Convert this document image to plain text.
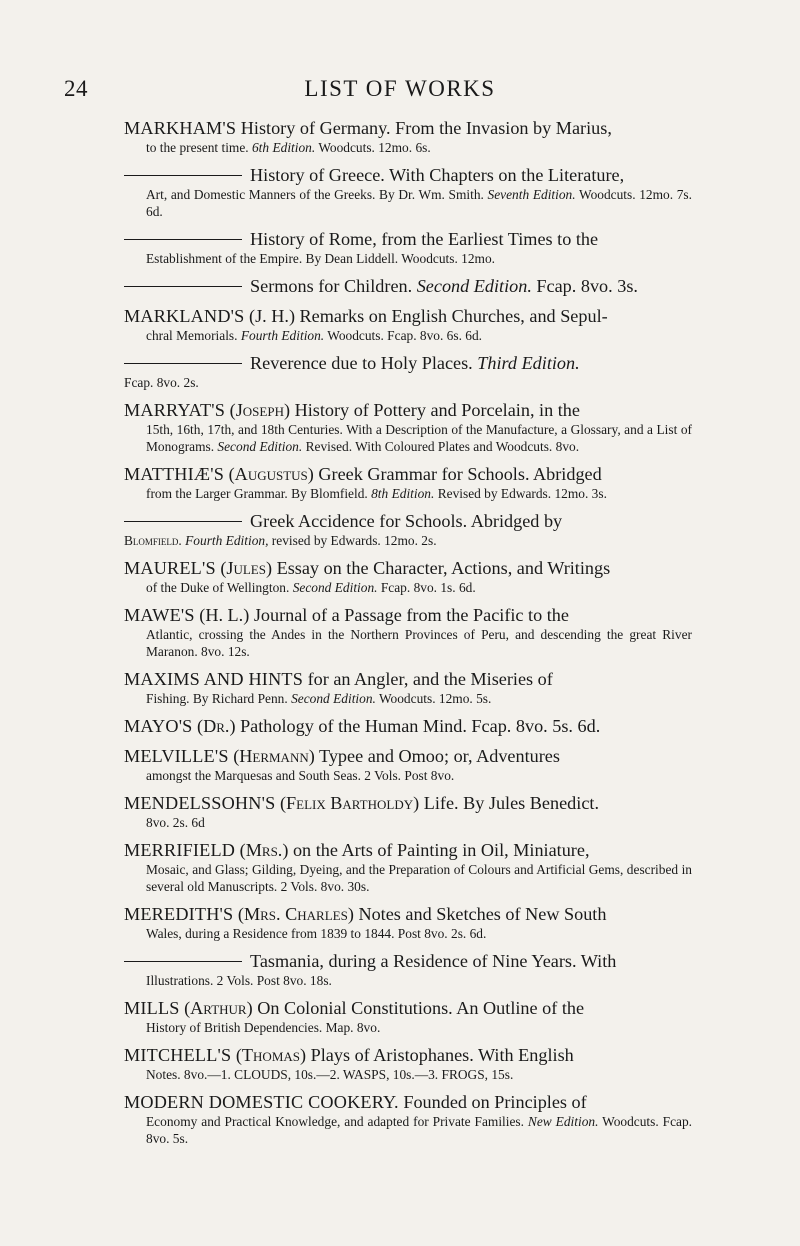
24	LIST OF WORKS
MARKHAM'S History of Germany. From the Invasion by Marius,
to the present time. 6th Edition. Woodcuts. 12mo. 6s.
History of Greece. With Chapters on the Literature,
Art, and Domestic Manners of the Greeks. By Dr. Wm. Smith. Seventh Edition. Woodcuts. 12mo. 7s. 6d.
History of Rome, from the Earliest Times to the
Establishment of the Empire. By Dean Liddell. Woodcuts. 12mo.
Sermons for Children. Second Edition. Fcap. 8vo. 3s.
MARKLAND'S (J. H.) Remarks on English Churches, and Sepul-
chral Memorials. Fourth Edition. Woodcuts. Fcap. 8vo. 6s. 6d.
Reverence due to Holy Places. Third Edition.
Fcap. 8vo. 2s.
MARRYAT'S (Joseph) History of Pottery and Porcelain, in the
15th, 16th, 17th, and 18th Centuries. With a Description of the Manufacture, a Glossary, and a List of Monograms. Second Edition. Revised. With Coloured Plates and Woodcuts. 8vo.
MATTHIÆ'S (Augustus) Greek Grammar for Schools. Abridged
from the Larger Grammar. By Blomfield. 8th Edition. Revised by Edwards. 12mo. 3s.
Greek Accidence for Schools. Abridged by
Blomfield. Fourth Edition, revised by Edwards. 12mo. 2s.
MAUREL'S (Jules) Essay on the Character, Actions, and Writings
of the Duke of Wellington. Second Edition. Fcap. 8vo. 1s. 6d.
MAWE'S (H. L.) Journal of a Passage from the Pacific to the
Atlantic, crossing the Andes in the Northern Provinces of Peru, and descending the great River Maranon. 8vo. 12s.
MAXIMS AND HINTS for an Angler, and the Miseries of
Fishing. By Richard Penn. Second Edition. Woodcuts. 12mo. 5s.
MAYO'S (Dr.) Pathology of the Human Mind. Fcap. 8vo. 5s. 6d.
MELVILLE'S (Hermann) Typee and Omoo; or, Adventures
amongst the Marquesas and South Seas. 2 Vols. Post 8vo.
MENDELSSOHN'S (Felix Bartholdy) Life. By Jules Benedict.
8vo. 2s. 6d
MERRIFIELD (Mrs.) on the Arts of Painting in Oil, Miniature,
Mosaic, and Glass; Gilding, Dyeing, and the Preparation of Colours and Artificial Gems, described in several old Manuscripts. 2 Vols. 8vo. 30s.
MEREDITH'S (Mrs. Charles) Notes and Sketches of New South
Wales, during a Residence from 1839 to 1844. Post 8vo. 2s. 6d.
Tasmania, during a Residence of Nine Years. With
Illustrations. 2 Vols. Post 8vo. 18s.
MILLS (Arthur) On Colonial Constitutions. An Outline of the
History of British Dependencies. Map. 8vo.
MITCHELL'S (Thomas) Plays of Aristophanes. With English
Notes. 8vo.—1. CLOUDS, 10s.—2. WASPS, 10s.—3. FROGS, 15s.
MODERN DOMESTIC COOKERY. Founded on Principles of
Economy and Practical Knowledge, and adapted for Private Families. New Edition. Woodcuts. Fcap. 8vo. 5s.
